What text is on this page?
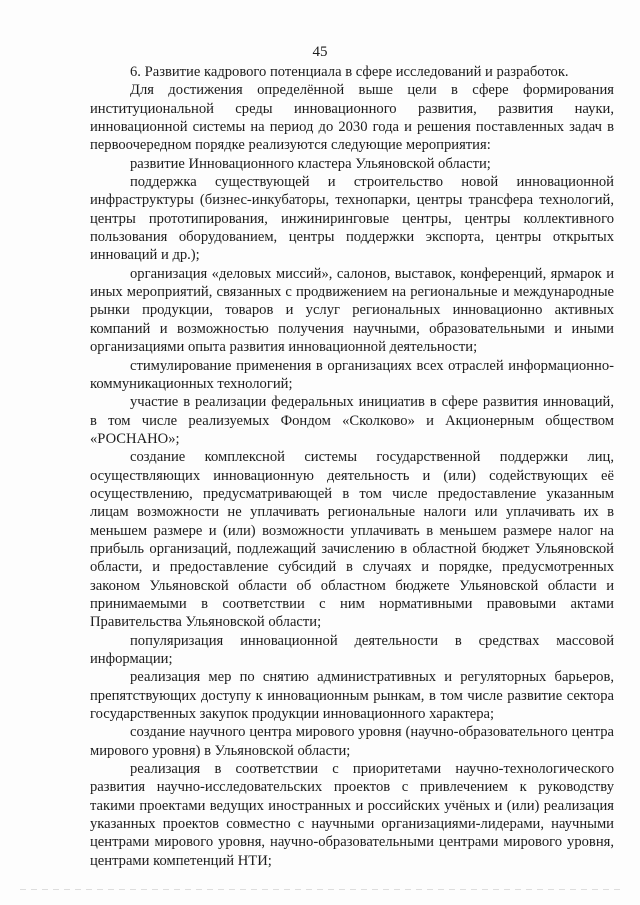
45

6. Развитие кадрового потенциала в сфере исследований и разработок.

Для достижения определённой выше цели в сфере формирования институциональной среды инновационного развития, развития науки, инновационной системы на период до 2030 года и решения поставленных задач в первоочередном порядке реализуются следующие мероприятия:

развитие Инновационного кластера Ульяновской области;

поддержка существующей и строительство новой инновационной инфраструктуры (бизнес-инкубаторы, технопарки, центры трансфера технологий, центры прототипирования, инжиниринговые центры, центры коллективного пользования оборудованием, центры поддержки экспорта, центры открытых инноваций и др.);

организация «деловых миссий», салонов, выставок, конференций, ярмарок и иных мероприятий, связанных с продвижением на региональные и международные рынки продукции, товаров и услуг региональных инновационно активных компаний и возможностью получения научными, образовательными и иными организациями опыта развития инновационной деятельности;

стимулирование применения в организациях всех отраслей информационно-коммуникационных технологий;

участие в реализации федеральных инициатив в сфере развития инноваций, в том числе реализуемых Фондом «Сколково» и Акционерным обществом «РОСНАНО»;

создание комплексной системы государственной поддержки лиц, осуществляющих инновационную деятельность и (или) содействующих её осуществлению, предусматривающей в том числе предоставление указанным лицам возможности не уплачивать региональные налоги или уплачивать их в меньшем размере и (или) возможности уплачивать в меньшем размере налог на прибыль организаций, подлежащий зачислению в областной бюджет Ульяновской области, и предоставление субсидий в случаях и порядке, предусмотренных законом Ульяновской области об областном бюджете Ульяновской области и принимаемыми в соответствии с ним нормативными правовыми актами Правительства Ульяновской области;

популяризация инновационной деятельности в средствах массовой информации;

реализация мер по снятию административных и регуляторных барьеров, препятствующих доступу к инновационным рынкам, в том числе развитие сектора государственных закупок продукции инновационного характера;

создание научного центра мирового уровня (научно-образовательного центра мирового уровня) в Ульяновской области;

реализация в соответствии с приоритетами научно-технологического развития научно-исследовательских проектов с привлечением к руководству такими проектами ведущих иностранных и российских учёных и (или) реализация указанных проектов совместно с научными организациями-лидерами, научными центрами мирового уровня, научно-образовательными центрами мирового уровня, центрами компетенций НТИ;
